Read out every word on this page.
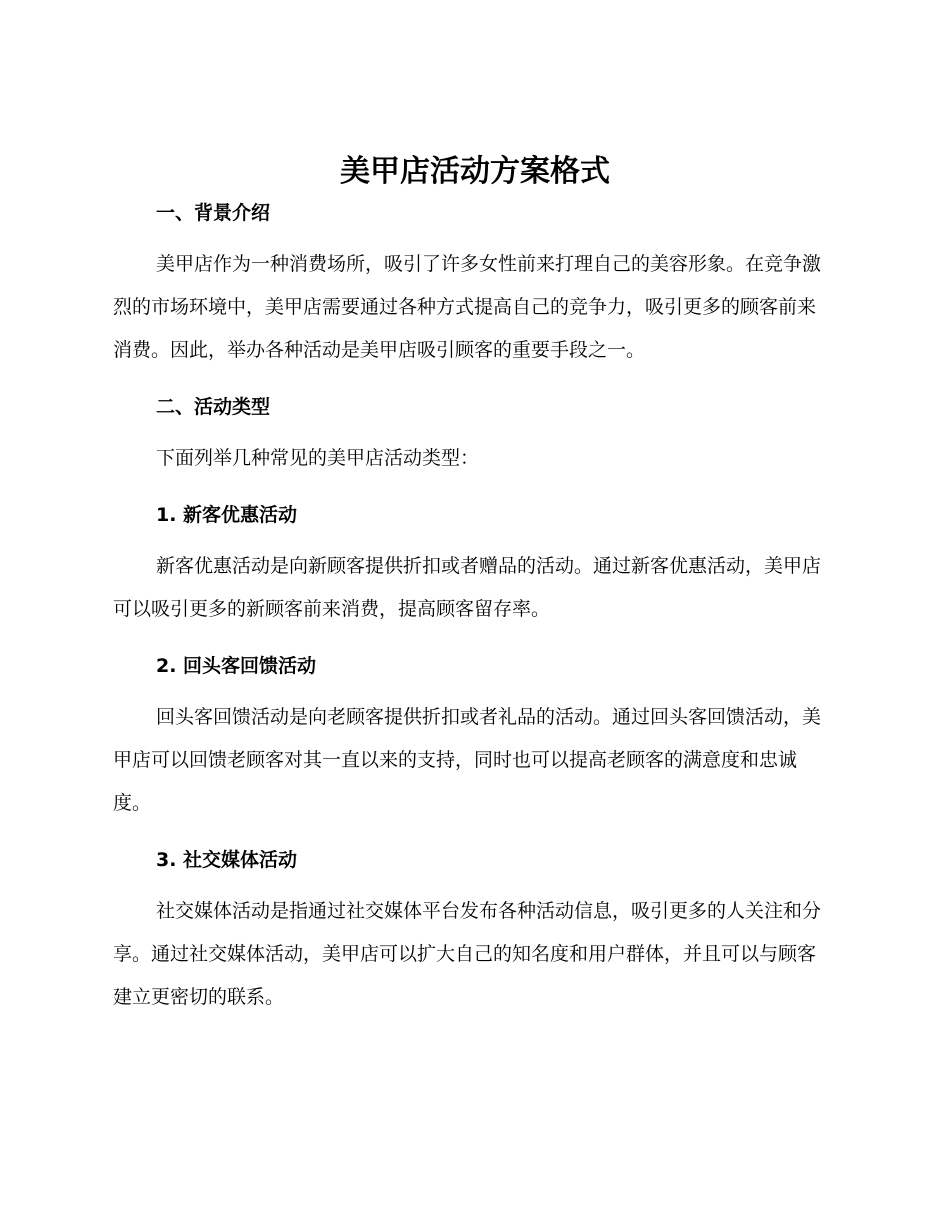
美甲店活动方案格式
一、背景介绍

美甲店作为一种消费场所，吸引了许多女性前来打理自己的美容形象。在竞争激烈的市场环境中，美甲店需要通过各种方式提高自己的竞争力，吸引更多的顾客前来消费。因此，举办各种活动是美甲店吸引顾客的重要手段之一。

二、活动类型

下面列举几种常见的美甲店活动类型：

1. 新客优惠活动

新客优惠活动是向新顾客提供折扣或者赠品的活动。通过新客优惠活动，美甲店可以吸引更多的新顾客前来消费，提高顾客留存率。

2. 回头客回馈活动

回头客回馈活动是向老顾客提供折扣或者礼品的活动。通过回头客回馈活动，美甲店可以回馈老顾客对其一直以来的支持，同时也可以提高老顾客的满意度和忠诚度。

3. 社交媒体活动

社交媒体活动是指通过社交媒体平台发布各种活动信息，吸引更多的人关注和分享。通过社交媒体活动，美甲店可以扩大自己的知名度和用户群体，并且可以与顾客建立更密切的联系。
